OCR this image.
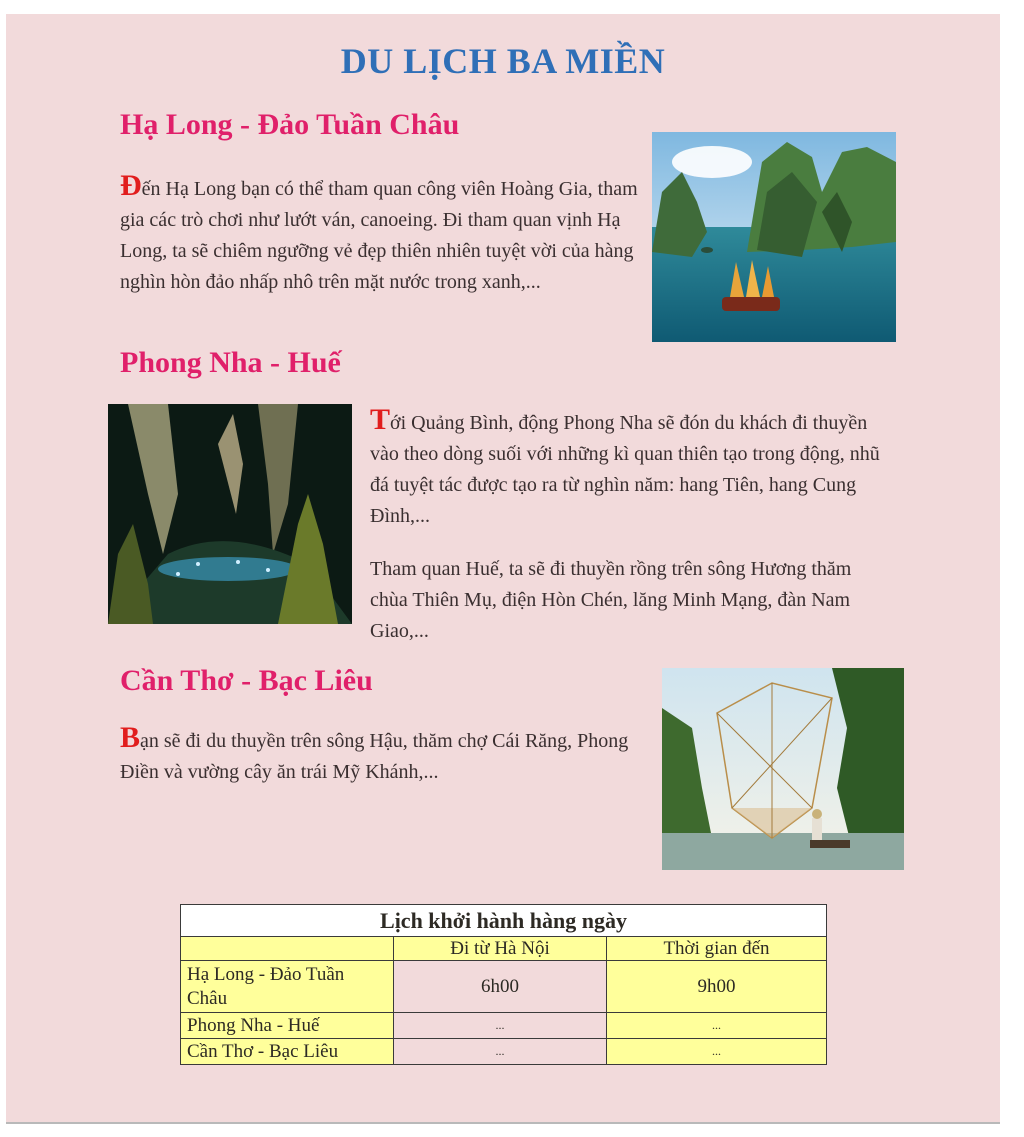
DU LỊCH BA MIỀN
Hạ Long - Đảo Tuần Châu
Đến Hạ Long bạn có thể tham quan công viên Hoàng Gia, tham gia các trò chơi như lướt ván, canoeing. Đi tham quan vịnh Hạ Long, ta sẽ chiêm ngưỡng vẻ đẹp thiên nhiên tuyệt vời của hàng nghìn hòn đảo nhấp nhô trên mặt nước trong xanh,...
Phong Nha - Huế
Tới Quảng Bình, động Phong Nha sẽ đón du khách đi thuyền vào theo dòng suối với những kì quan thiên tạo trong động, nhũ đá tuyệt tác được tạo ra từ nghìn năm: hang Tiên, hang Cung Đình,...
Tham quan Huế, ta sẽ đi thuyền rồng trên sông Hương thăm chùa Thiên Mụ, điện Hòn Chén, lăng Minh Mạng, đàn Nam Giao,...
Cần Thơ - Bạc Liêu
Bạn sẽ đi du thuyền trên sông Hậu, thăm chợ Cái Răng, Phong Điền và vường cây ăn trái Mỹ Khánh,...
Lịch khởi hành hàng ngày		
	Đi từ Hà Nội	Thời gian đến
Hạ Long - Đảo Tuần Châu	6h00	9h00
Phong Nha - Huế	...	...
Cần Thơ - Bạc Liêu	...	...
